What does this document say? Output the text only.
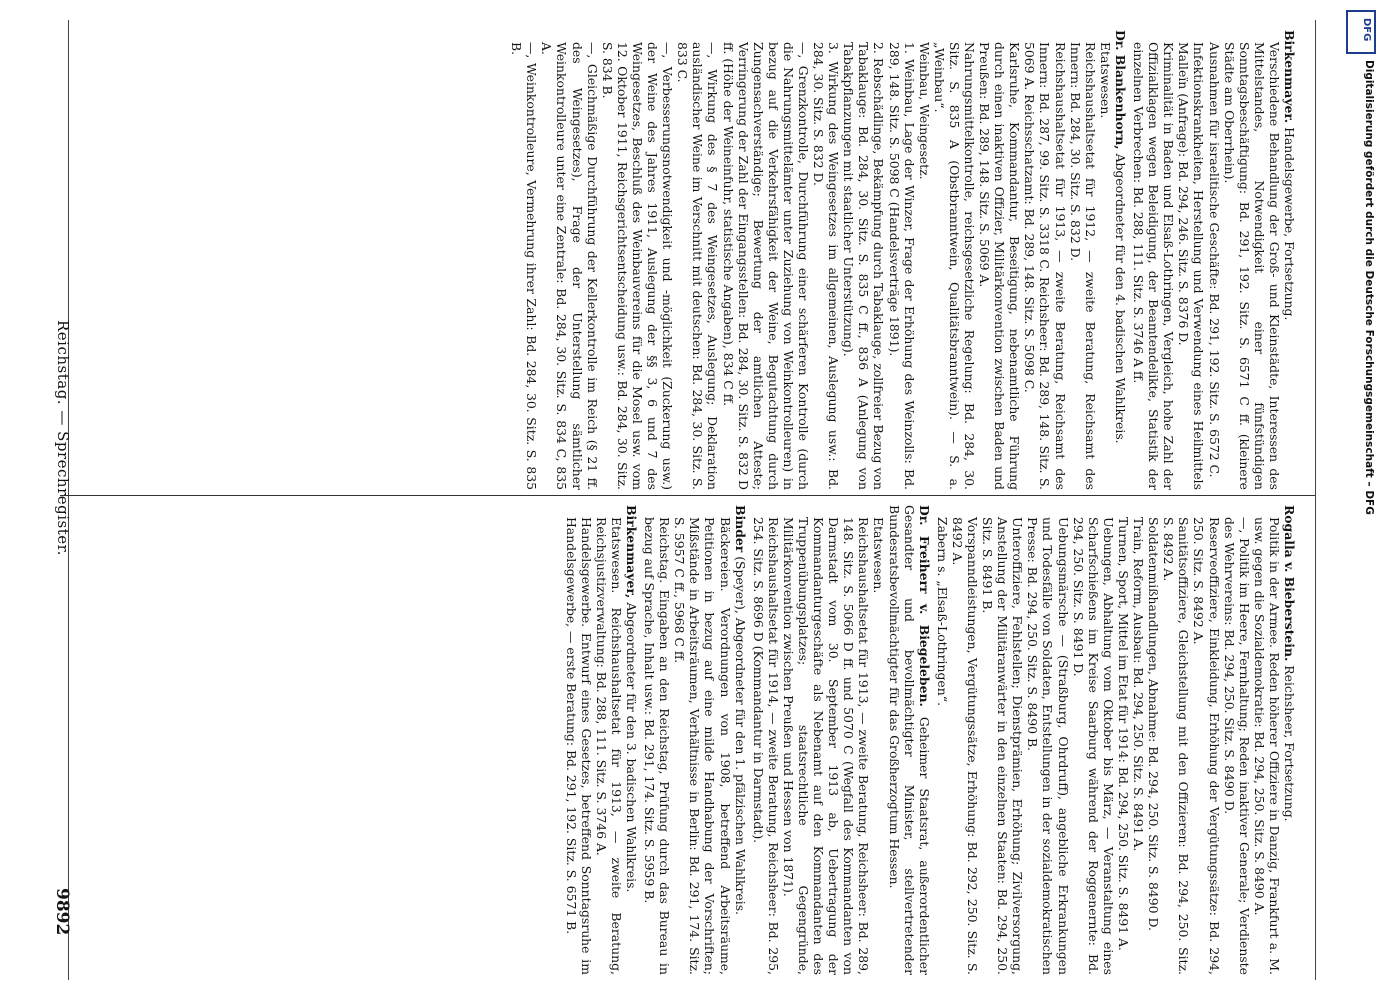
9892
Reichstag. — Sprechregister.

Rogalla v. Bieberstein. Reichsheer, Fortsetzung.

Politik in der Armee. Reden höherer Offiziere in Danzig, Frankfurt a. M. usw. gegen die Sozialdemokratie: Bd. 294, 250. Sitz. S. 8490 A.

—, Politik im Heere, Fernhaltung; Reden inaktiver Generale; Verdienste des Wehrvereins: Bd. 294, 250. Sitz. S. 8490 D.

Reserveoffiziere, Einkleidung, Erhöhung der Vergütungssätze: Bd. 294, 250. Sitz. S. 8492 A.

Sanitätsoffiziere, Gleichstellung mit den Offizieren: Bd. 294, 250. Sitz. S. 8492 A.

Soldatenmißhandlungen, Abnahme: Bd. 294, 250. Sitz. S. 8490 D.

Train, Reform, Ausbau: Bd. 294, 250. Sitz. S. 8491 A.

Turnen, Sport, Mittel im Etat für 1914: Bd. 294, 250. Sitz. S. 8491 A.

Uebungen, Abhaltung vom Oktober bis März, — Veranstaltung eines Scharfschießens im Kreise Saarburg während der Roggenernte: Bd. 294, 250. Sitz. S. 8491 D.

Uebungsmärsche — (Straßburg, Ohrdruff), angebliche Erkrankungen und Todesfälle von Soldaten, Entstellungen in der sozialdemokratischen Presse: Bd. 294, 250. Sitz. S. 8490 B.

Unteroffiziere, Fehlstellen; Dienstprämien, Erhöhung; Zivilversorgung, Anstellung der Militäranwärter in den einzelnen Staaten: Bd. 294, 250. Sitz. S. 8491 B.

Vorspanndleistungen, Vergütungssätze, Erhöhung: Bd. 292, 250. Sitz. S. 8492 A.

Zabern s. „Elsaß-Lothringen“.

Dr. Freiherr v. Biegeleben. Geheimer Staatsrat, außerordentlicher Gesandter und bevollmächtigter Minister, stellvertretender Bundesratsbevollmächtigter für das Großherzogtum Hessen.

Etatswesen.

Reichshaushaltsetat für 1913, — zweite Beratung, Reichsheer: Bd. 289, 148. Sitz. S. 5066 D ff. und 5070 C (Wegfall des Kommandanten von Darmstadt vom 30. September 1913 ab, Uebertragung der Kommandanturgeschäfte als Nebenamt auf den Kommandanten des Truppenübungsplatzes; staatsrechtliche Gegengründe, Militärkonvention zwischen Preußen und Hessen von 1871).

Reichshaushaltsetat für 1914, — zweite Beratung, Reichsheer: Bd. 295, 254. Sitz. S. 8696 D (Kommandantur in Darmstadt).

Binder (Speyer), Abgeordneter für den 1. pfälzischen Wahlkreis.

Bäckereien. Verordnungen von 1908, betreffend Arbeitsräume, Petitionen in bezug auf eine milde Handhabung der Vorschriften; Mißstände in Arbeitsräumen, Verhältnisse in Berlin: Bd. 291, 174. Sitz. S. 5957 C ff., 5968 C ff.

Reichstag. Eingaben an den Reichstag, Prüfung durch das Bureau in bezug auf Sprache, Inhalt usw.: Bd. 291, 174. Sitz. S. 5959 B.

Birkenmayer, Abgeordneter für den 3. badischen Wahlkreis.

Etatswesen. Reichshaushaltsetat für 1913, — zweite Beratung, Reichsjustizverwaltung: Bd. 288, 111. Sitz. S. 3746 A.

Handelsgewerbe. Entwurf eines Gesetzes, betreffend Sonntagsruhe im Handelsgewerbe, — erste Beratung: Bd. 291, 192. Sitz. S. 6571 B.

Birkenmayer. Handelsgewerbe, Fortsetzung.

Verschiedene Behandlung der Groß- und Kleinstädte, Interessen des Mittelstandes, Notwendigkeit einer fünfstündigen Sonntagsbeschäftigung: Bd. 291, 192. Sitz. S. 6571 C ff. (kleinere Städte am Oberrhein).

Ausnahmen für israelitische Geschäfte: Bd. 291, 192. Sitz. S. 6572 C.

Infektionskrankheiten, Herstellung und Verwendung eines Heilmittels Malleïn (Anfrage): Bd. 294, 246. Sitz. S. 8376 D.

Kriminalität in Baden und Elsaß-Lothringen, Vergleich, hohe Zahl der Offizialklagen wegen Beleidigung, der Beamtendelikte, Statistik der einzelnen Verbrechen: Bd. 288, 111. Sitz. S. 3746 A ff.

Dr. Blankenhorn, Abgeordneter für den 4. badischen Wahlkreis.

Etatswesen.

Reichshaushaltsetat für 1912, — zweite Beratung, Reichsamt des Innern: Bd. 284, 30. Sitz. S. 832 D.

Reichshaushaltsetat für 1913, — zweite Beratung, Reichsamt des Innern: Bd. 287, 99. Sitz. S. 3318 C. Reichsheer: Bd. 289, 148. Sitz. S. 5069 A. Reichsschatzamt: Bd. 289, 148. Sitz. S. 5098 C.

Karlsruhe, Kommandantur, Beseitigung, nebenamtliche Führung durch einen inaktiven Offizier, Militärkonvention zwischen Baden und Preußen: Bd. 289, 148. Sitz. S. 5069 A.

Nahrungsmittelkontrolle, reichsgesetzliche Regelung: Bd. 284, 30. Sitz. S. 835 A (Obstbranntwein, Qualitätsbranntwein). — S. a. „Weinbau“.

Weinbau, Weingesetz.

1. Weinbau, Lage der Winzer, Frage der Erhöhung des Weinzolls: Bd. 289, 148. Sitz. S. 5098 C (Handelsverträge 1891).

2. Rebschädlinge, Bekämpfung durch Tabaklauge, zollfreier Bezug von Tabaklauge: Bd. 284, 30. Sitz. S. 835 C ff., 836 A (Anlegung von Tabakpflanzungen mit staatlicher Unterstützung).

3. Wirkung des Weingesetzes im allgemeinen, Auslegung usw.: Bd. 284, 30. Sitz. S. 832 D.

—, Grenzkontrolle, Durchführung einer schärferen Kontrolle (durch die Nahrungsmittelämter unter Zuziehung von Weinkontrolleuren) in bezug auf die Verkehrsfähigkeit der Weine, Begutachtung durch Zungensachverständige; Bewertung der amtlichen Atteste; Verringerung der Zahl der Eingangsstellen: Bd. 284, 30. Sitz. S. 832 D ff. (Höhe der Weineinfuhr, statistische Angaben), 834 C ff.

—, Wirkung des § 7 des Weingesetzes, Auslegung; Deklaration ausländischer Weine im Verschnitt mit deutschen: Bd. 284, 30. Sitz. S. 833 C.

—, Verbesserungsnotwendigkeit und -möglichkeit (Zuckerung usw.) der Weine des Jahres 1911, Auslegung der §§ 3, 6 und 7 des Weingesetzes, Beschluß des Weinbauvereins für die Mosel usw. vom 12. Oktober 1911, Reichsgerichtsentscheidung usw.: Bd. 284, 30. Sitz. S. 834 B.

—, Gleichmäßige Durchführung der Kellerkontrolle im Reich (§ 21 ff. des Weingesetzes), Frage der Unterstellung sämtlicher Weinkontrolleure unter eine Zentrale: Bd. 284, 30. Sitz. S. 834 C, 835 A.

—, Weinkontrolleure, Vermehrung ihrer Zahl: Bd. 284, 30. Sitz. S. 835 B.

DFG
Digitalisierung gefördert durch die Deutsche Forschungsgemeinschaft – DFG
